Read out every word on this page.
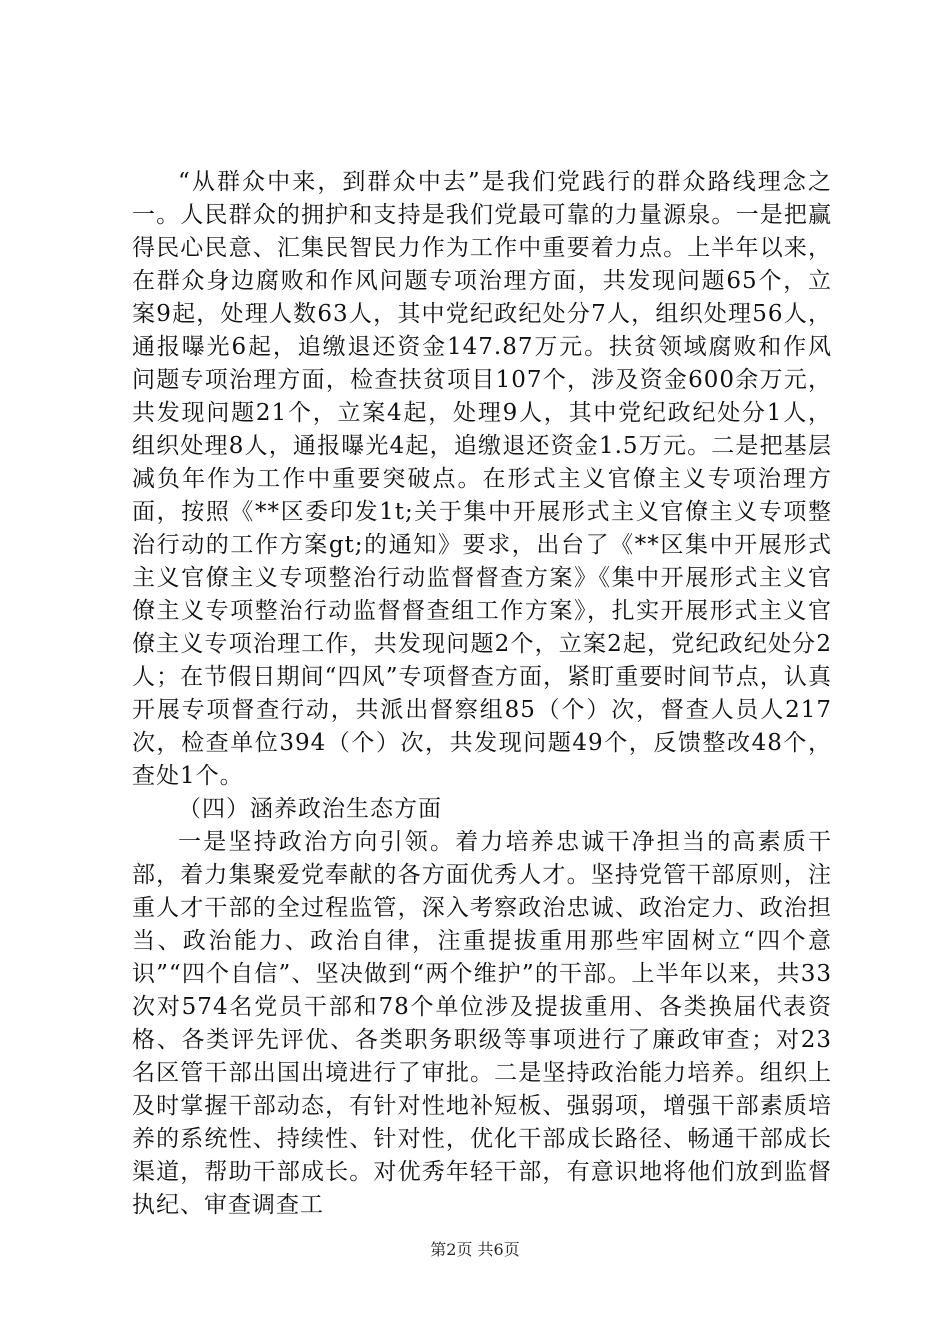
“从群众中来，到群众中去”是我们党践行的群众路线理念之一。人民群众的拥护和支持是我们党最可靠的力量源泉。一是把赢得民心民意、汇集民智民力作为工作中重要着力点。上半年以来，在群众身边腐败和作风问题专项治理方面，共发现问题65个，立案9起，处理人数63人，其中党纪政纪处分7人，组织处理56人，通报曝光6起，追缴退还资金147.87万元。扶贫领域腐败和作风问题专项治理方面，检查扶贫项目107个，涉及资金600余万元，共发现问题21个，立案4起，处理9人，其中党纪政纪处分1人，组织处理8人，通报曝光4起，追缴退还资金1.5万元。二是把基层减负年作为工作中重要突破点。在形式主义官僚主义专项治理方面，按照《**区委印发1t;关于集中开展形式主义官僚主义专项整治行动的工作方案gt;的通知》要求，出台了《**区集中开展形式主义官僚主义专项整治行动监督督查方案》《集中开展形式主义官僚主义专项整治行动监督督查组工作方案》，扎实开展形式主义官僚主义专项治理工作，共发现问题2个，立案2起，党纪政纪处分2人；在节假日期间“四风”专项督查方面，紧盯重要时间节点，认真开展专项督查行动，共派出督察组85（个）次，督查人员人217次，检查单位394（个）次，共发现问题49个，反馈整改48个，查处1个。

（四）涵养政治生态方面

一是坚持政治方向引领。着力培养忠诚干净担当的高素质干部，着力集聚爱党奉献的各方面优秀人才。坚持党管干部原则，注重人才干部的全过程监管，深入考察政治忠诚、政治定力、政治担当、政治能力、政治自律，注重提拔重用那些牢固树立“四个意识”“四个自信”、坚决做到“两个维护”的干部。上半年以来，共33次对574名党员干部和78个单位涉及提拔重用、各类换届代表资格、各类评先评优、各类职务职级等事项进行了廉政审查；对23名区管干部出国出境进行了审批。二是坚持政治能力培养。组织上及时掌握干部动态，有针对性地补短板、强弱项，增强干部素质培养的系统性、持续性、针对性，优化干部成长路径、畅通干部成长渠道，帮助干部成长。对优秀年轻干部，有意识地将他们放到监督执纪、审查调查工

第2页 共6页
